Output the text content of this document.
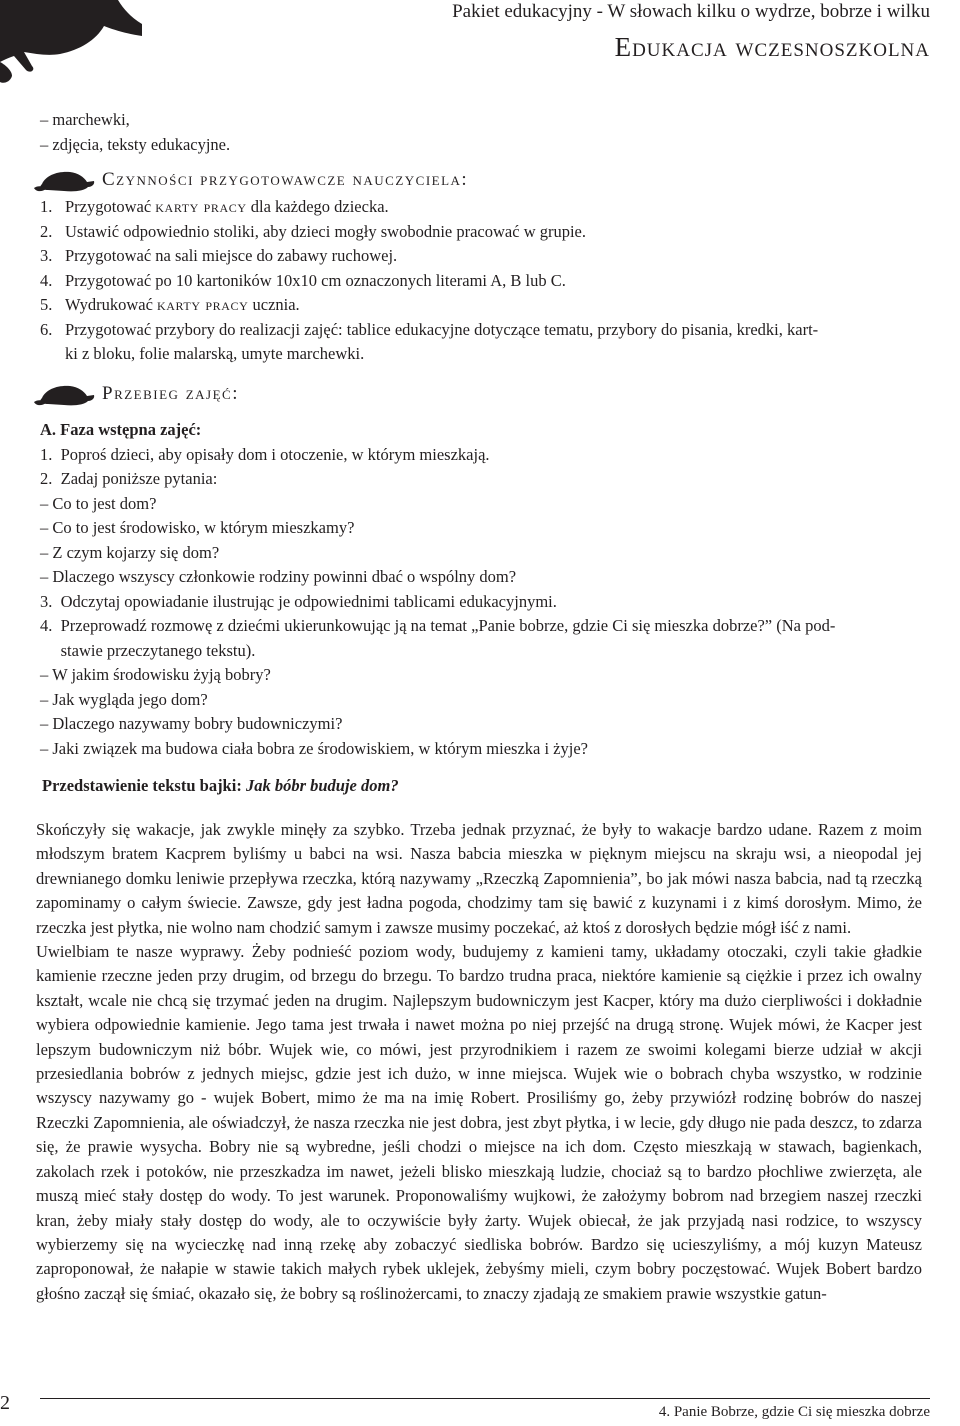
Pakiet edukacyjny - W słowach kilku o wydrze, bobrze i wilku
Edukacja wczesnoszkolna
– marchewki,
– zdjęcia, teksty edukacyjne.
Czynności przygotowawcze nauczyciela:
1. Przygotować karty pracy dla każdego dziecka.
2. Ustawić odpowiednio stoliki, aby dzieci mogły swobodnie pracować w grupie.
3. Przygotować na sali miejsce do zabawy ruchowej.
4. Przygotować po 10 kartoników 10x10 cm oznaczonych literami A, B lub C.
5. Wydrukować karty pracy ucznia.
6. Przygotować przybory do realizacji zajęć: tablice edukacyjne dotyczące tematu, przybory do pisania, kredki, kart-
ki z bloku, folie malarską, umyte marchewki.
Przebieg zajęć:
A. Faza wstępna zajęć:
1.  Poproś dzieci, aby opisały dom i otoczenie, w którym mieszkają.
2.  Zadaj poniższe pytania:
– Co to jest dom?
– Co to jest środowisko, w którym mieszkamy?
– Z czym kojarzy się dom?
– Dlaczego wszyscy członkowie rodziny powinni dbać o wspólny dom?
3.  Odczytaj opowiadanie ilustrując je odpowiednimi tablicami edukacyjnymi.
4.  Przeprowadź rozmowę z dziećmi ukierunkowując ją na temat „Panie bobrze, gdzie Ci się mieszka dobrze?” (Na pod-
stawie przeczytanego tekstu).
– W jakim środowisku żyją bobry?
– Jak wygląda jego dom?
– Dlaczego nazywamy bobry budowniczymi?
– Jaki związek ma budowa ciała bobra ze środowiskiem, w którym mieszka i żyje?
Przedstawienie tekstu bajki: Jak bóbr buduje dom?

Skończyły się wakacje, jak zwykle minęły za szybko. Trzeba jednak przyznać, że były to wakacje bardzo udane. Razem z moim młodszym bratem Kacprem byliśmy u babci na wsi. Nasza babcia mieszka w pięknym miejscu na skraju wsi, a nieopodal jej drewnianego domku leniwie przepływa rzeczka, którą nazywamy „Rzeczką Zapomnienia”, bo jak mówi nasza babcia, nad tą rzeczką zapominamy o całym świecie. Zawsze, gdy jest ładna pogoda, chodzimy tam się bawić z kuzynami i z kimś dorosłym. Mimo, że rzeczka jest płytka, nie wolno nam chodzić samym i zawsze musimy poczekać, aż ktoś z dorosłych będzie mógł iść z nami.

Uwielbiam te nasze wyprawy. Żeby podnieść poziom wody, budujemy z kamieni tamy, układamy otoczaki, czyli takie gładkie kamienie rzeczne jeden przy drugim, od brzegu do brzegu. To bardzo trudna praca, niektóre kamienie są ciężkie i przez ich owalny kształt, wcale nie chcą się trzymać jeden na drugim. Najlepszym budowniczym jest Kacper, który ma dużo cierpliwości i dokładnie wybiera odpowiednie kamienie. Jego tama jest trwała i nawet można po niej przejść na drugą stronę. Wujek mówi, że Kacper jest lepszym budowniczym niż bóbr. Wujek wie, co mówi, jest przyrodnikiem i razem ze swoimi kolegami bierze udział w akcji przesiedlania bobrów z jednych miejsc, gdzie jest ich dużo, w inne miejsca. Wujek wie o bobrach chyba wszystko, w rodzinie wszyscy nazywamy go - wujek Bobert, mimo że ma na imię Robert. Prosiliśmy go, żeby przywiózł rodzinę bobrów do naszej Rzeczki Zapomnienia, ale oświadczył, że nasza rzeczka nie jest dobra, jest zbyt płytka, i w lecie, gdy długo nie pada deszcz, to zdarza się, że prawie wysycha. Bobry nie są wybredne, jeśli chodzi o miejsce na ich dom. Często mieszkają w stawach, bagienkach, zakolach rzek i potoków, nie przeszkadza im nawet, jeżeli blisko mieszkają ludzie, chociaż są to bardzo płochliwe zwierzęta, ale muszą mieć stały dostęp do wody. To jest warunek. Proponowaliśmy wujkowi, że założymy bobrom nad brzegiem naszej rzeczki kran, żeby miały stały dostęp do wody, ale to oczywiście były żarty. Wujek obiecał, że jak przyjadą nasi rodzice, to wszyscy wybierzemy się na wycieczkę nad inną rzekę aby zobaczyć siedliska bobrów. Bardzo się ucieszyliśmy, a mój kuzyn Mateusz zaproponował, że nałapie w stawie takich małych rybek uklejek, żebyśmy mieli, czym bobry poczęstować. Wujek Bobert bardzo głośno zaczął się śmiać, okazało się, że bobry są roślinożercami, to znaczy zjadają ze smakiem prawie wszystkie gatun-

2	4. Panie Bobrze, gdzie Ci się mieszka dobrze
